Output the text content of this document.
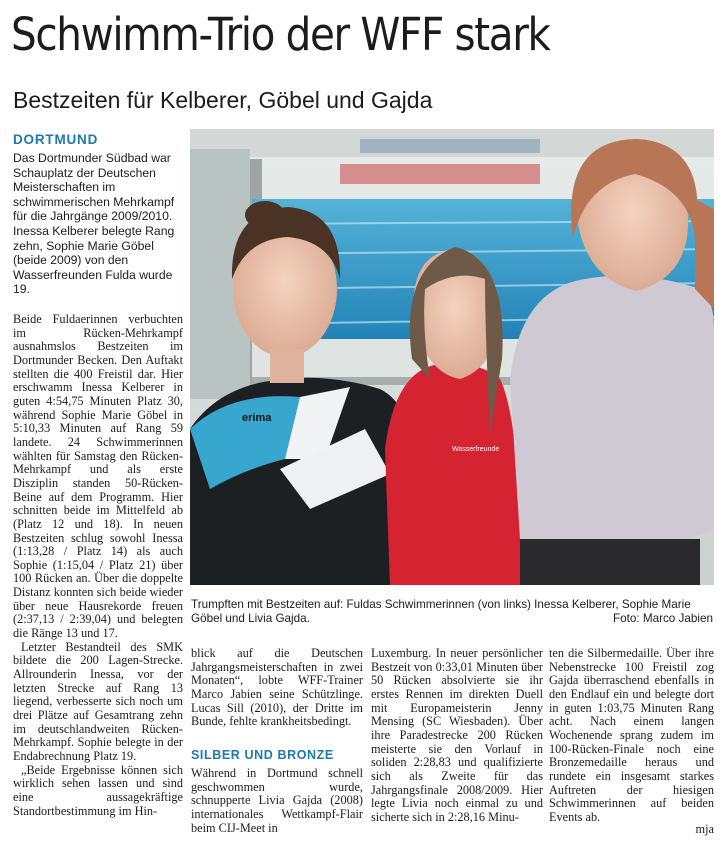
Schwimm-Trio der WFF stark
Bestzeiten für Kelberer, Göbel und Gajda
DORTMUND
Das Dortmunder Südbad war Schauplatz der Deutschen Meisterschaften im schwimmerischen Mehrkampf für die Jahrgänge 2009/2010. Inessa Kelberer belegte Rang zehn, Sophie Marie Göbel (beide 2009) von den Wasserfreunden Fulda wurde 19.

Beide Fuldaerinnen verbuchten im Rücken-Mehrkampf ausnahmslos Bestzeiten im Dortmunder Becken. Den Auftakt stellten die 400 Freistil dar. Hier erschwamm Inessa Kelberer in guten 4:54,75 Minuten Platz 30, während Sophie Marie Göbel in 5:10,33 Minuten auf Rang 59 landete. 24 Schwimmerinnen wählten für Samstag den Rücken-Mehrkampf und als erste Disziplin standen 50-Rücken-Beine auf dem Programm. Hier schnitten beide im Mittelfeld ab (Platz 12 und 18). In neuen Bestzeiten schlug sowohl Inessa (1:13,28 / Platz 14) als auch Sophie (1:15,04 / Platz 21) über 100 Rücken an. Über die doppelte Distanz konnten sich beide wieder über neue Hausrekorde freuen (2:37,13 / 2:39,04) und belegten die Ränge 13 und 17.

Letzter Bestandteil des SMK bildete die 200 Lagen-Strecke. Allrounderin Inessa, vor der letzten Strecke auf Rang 13 liegend, verbesserte sich noch um drei Plätze auf Gesamtrang zehn im deutschlandweiten Rücken-Mehrkampf. Sophie belegte in der Endabrechnung Platz 19.

„Beide Ergebnisse können sich wirklich sehen lassen und sind eine aussagekräftige Standortbestimmung im Hin-

erima
Wasserfreunde
Trumpften mit Bestzeiten auf: Fuldas Schwimmerinnen (von links) Inessa Kelberer, Sophie Marie Göbel und Livia Gajda.	Foto: Marco Jabien

blick auf die Deutschen Jahrgangsmeisterschaften in zwei Monaten“, lobte WFF-Trainer Marco Jabien seine Schützlinge. Lucas Sill (2010), der Dritte im Bunde, fehlte krankheitsbedingt.

SILBER UND BRONZE

Während in Dortmund schnell geschwommen wurde, schnupperte Livia Gajda (2008) internationales Wettkampf-Flair beim CIJ-Meet in

Luxemburg. In neuer persönlicher Bestzeit von 0:33,01 Minuten über 50 Rücken absolvierte sie ihr erstes Rennen im direkten Duell mit Europameisterin Jenny Mensing (SC Wiesbaden). Über ihre Paradestrecke 200 Rücken meisterte sie den Vorlauf in soliden 2:28,83 und qualifizierte sich als Zweite für das Jahrgangsfinale 2008/2009. Hier legte Livia noch einmal zu und sicherte sich in 2:28,16 Minu-

ten die Silbermedaille. Über ihre Nebenstrecke 100 Freistil zog Gajda überraschend ebenfalls in den Endlauf ein und belegte dort in guten 1:03,75 Minuten Rang acht. Nach einem langen Wochenende sprang zudem im 100-Rücken-Finale noch eine Bronzemedaille heraus und rundete ein insgesamt starkes Auftreten der hiesigen Schwimmerinnen auf beiden Events ab.

mja
